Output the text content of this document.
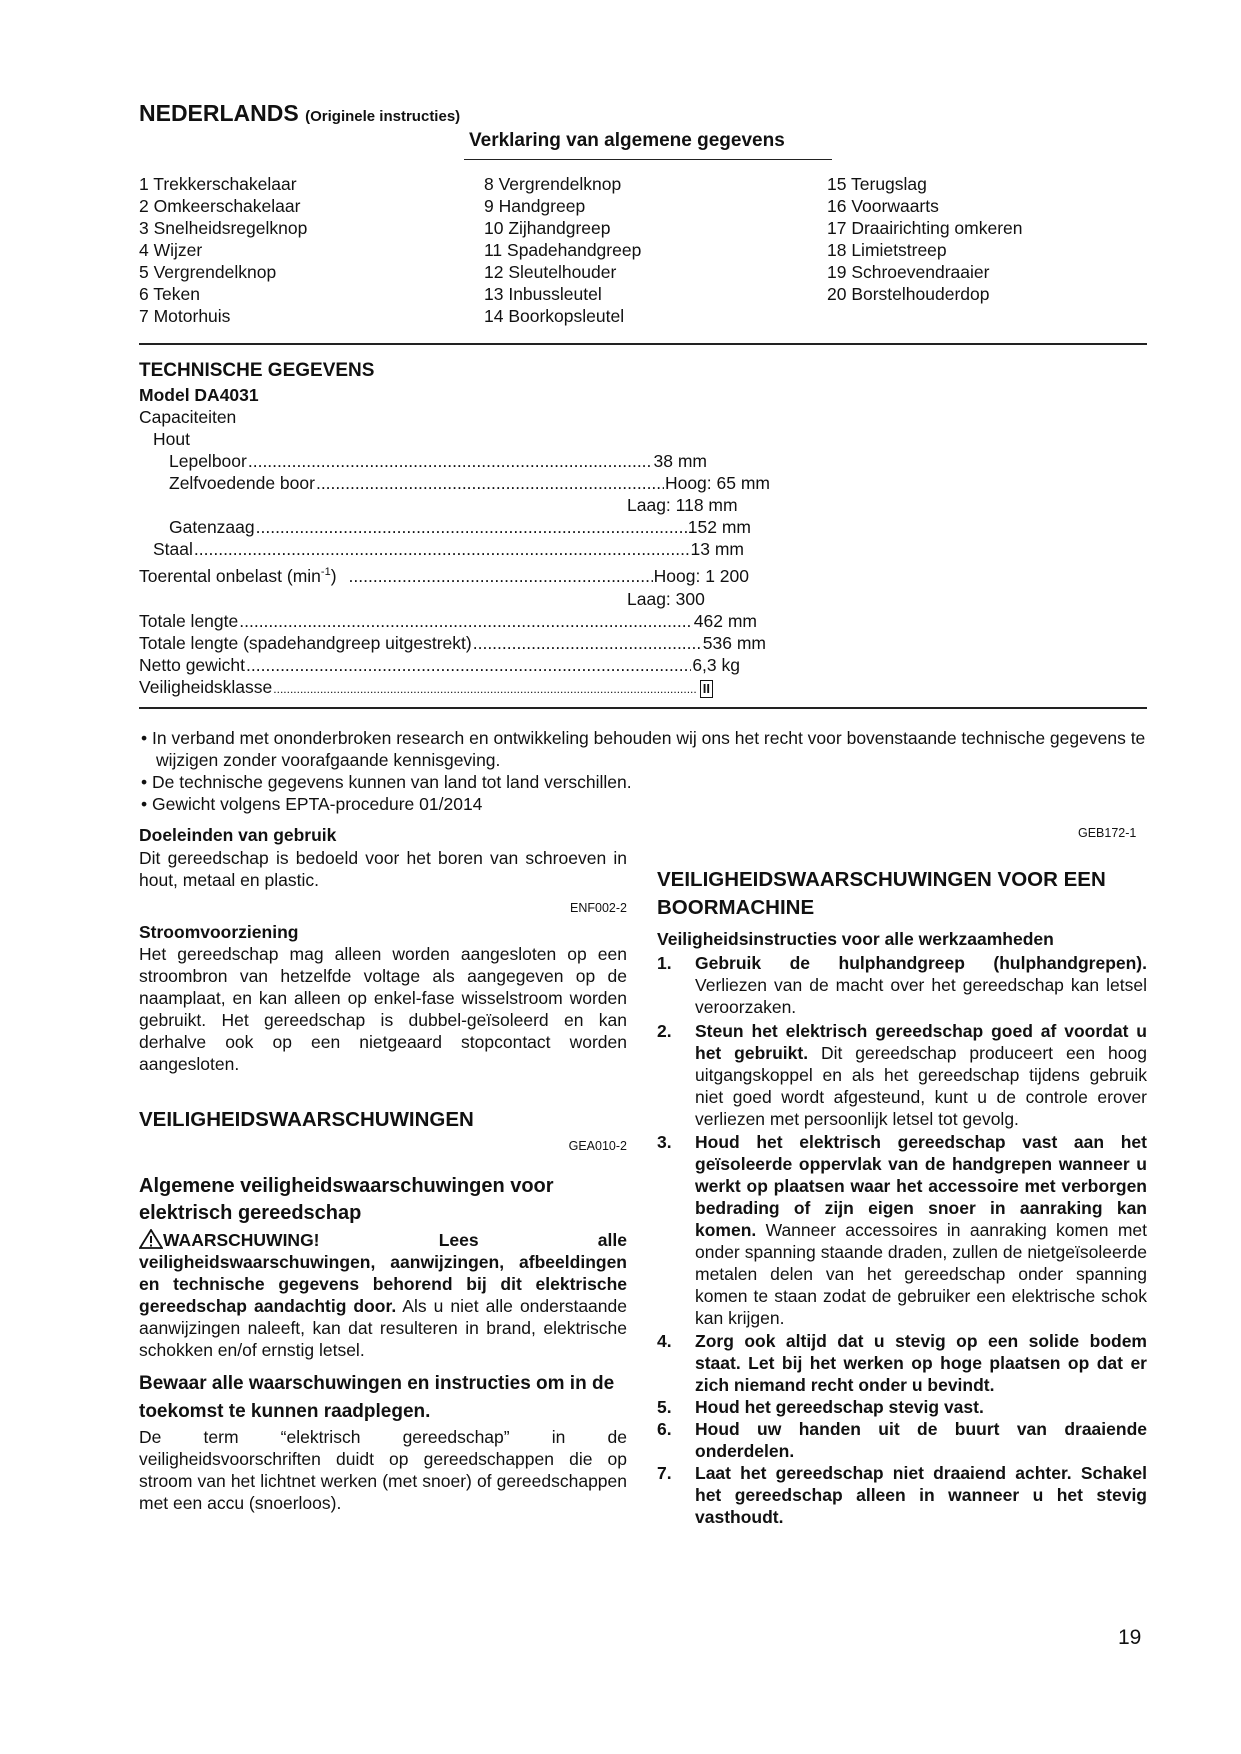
NEDERLANDS (Originele instructies)
Verklaring van algemene gegevens
1 Trekkerschakelaar
2 Omkeerschakelaar
3 Snelheidsregelknop
4 Wijzer
5 Vergrendelknop
6 Teken
7 Motorhuis
8 Vergrendelknop
9 Handgreep
10 Zijhandgreep
11 Spadehandgreep
12 Sleutelhouder
13 Inbussleutel
14 Boorkopsleutel
15 Terugslag
16 Voorwaarts
17 Draairichting omkeren
18 Limietstreep
19 Schroevendraaier
20 Borstelhouderdop
TECHNISCHE GEGEVENS
Model DA4031
Capaciteiten
Hout
Lepelboor .....	38 mm
Zelfvoedende boor .....	Hoog: 65 mm
Laag: 118 mm
Gatenzaag .....	152 mm
Staal .....	13 mm
Toerental onbelast $(\min^{-1})$ .....	Hoog: 1 200
Laag: 300
Totale lengte .....	462 mm
Totale lengte (spadehandgreep uitgestrekt) .....	536 mm
Netto gewicht .....	6,3 kg
Veiligheidsklasse .....	II
• In verband met ononderbroken research en ontwikkeling behouden wij ons het recht voor bovenstaande technische gegevens te wijzigen zonder voorafgaande kennisgeving.
• De technische gegevens kunnen van land tot land verschillen.
• Gewicht volgens EPTA-procedure 01/2014
Doeleinden van gebruik
Dit gereedschap is bedoeld voor het boren van schroeven in hout, metaal en plastic.
ENF002-2
Stroomvoorziening
Het gereedschap mag alleen worden aangesloten op een stroombron van hetzelfde voltage als aangegeven op de naamplaat, en kan alleen op enkel-fase wisselstroom worden gebruikt. Het gereedschap is dubbel-geïsoleerd en kan derhalve ook op een nietgeaard stopcontact worden aangesloten.
VEILIGHEIDSWAARSCHUWINGEN
GEA010-2
Algemene veiligheidswaarschuwingen voor elektrisch gereedschap
WAARSCHUWING!	Lees alle veiligheidswaarschuwingen, aanwijzingen, afbeeldingen en technische gegevens behorend bij dit elektrische gereedschap aandachtig door. Als u niet alle onderstaande aanwijzingen naleeft, kan dat resulteren in brand, elektrische schokken en/of ernstig letsel.
Bewaar alle waarschuwingen en instructies om in de toekomst te kunnen raadplegen.
De term “elektrisch gereedschap” in de veiligheidsvoorschriften duidt op gereedschappen die op stroom van het lichtnet werken (met snoer) of gereedschappen met een accu (snoerloos).
GEB172-1
VEILIGHEIDSWAARSCHUWINGEN VOOR EEN BOORMACHINE
Veiligheidsinstructies voor alle werkzaamheden
1. Gebruik de hulphandgreep (hulphandgrepen). Verliezen van de macht over het gereedschap kan letsel veroorzaken.
2. Steun het elektrisch gereedschap goed af voordat u het gebruikt. Dit gereedschap produceert een hoog uitgangskoppel en als het gereedschap tijdens gebruik niet goed wordt afgesteund, kunt u de controle erover verliezen met persoonlijk letsel tot gevolg.
3. Houd het elektrisch gereedschap vast aan het geïsoleerde oppervlak van de handgrepen wanneer u werkt op plaatsen waar het accessoire met verborgen bedrading of zijn eigen snoer in aanraking kan komen. Wanneer accessoires in aanraking komen met onder spanning staande draden, zullen de nietgeïsoleerde metalen delen van het gereedschap onder spanning komen te staan zodat de gebruiker een elektrische schok kan krijgen.
4. Zorg ook altijd dat u stevig op een solide bodem staat. Let bij het werken op hoge plaatsen op dat er zich niemand recht onder u bevindt.
5. Houd het gereedschap stevig vast.
6. Houd uw handen uit de buurt van draaiende onderdelen.
7. Laat het gereedschap niet draaiend achter. Schakel het gereedschap alleen in wanneer u het stevig vasthoudt.
19
